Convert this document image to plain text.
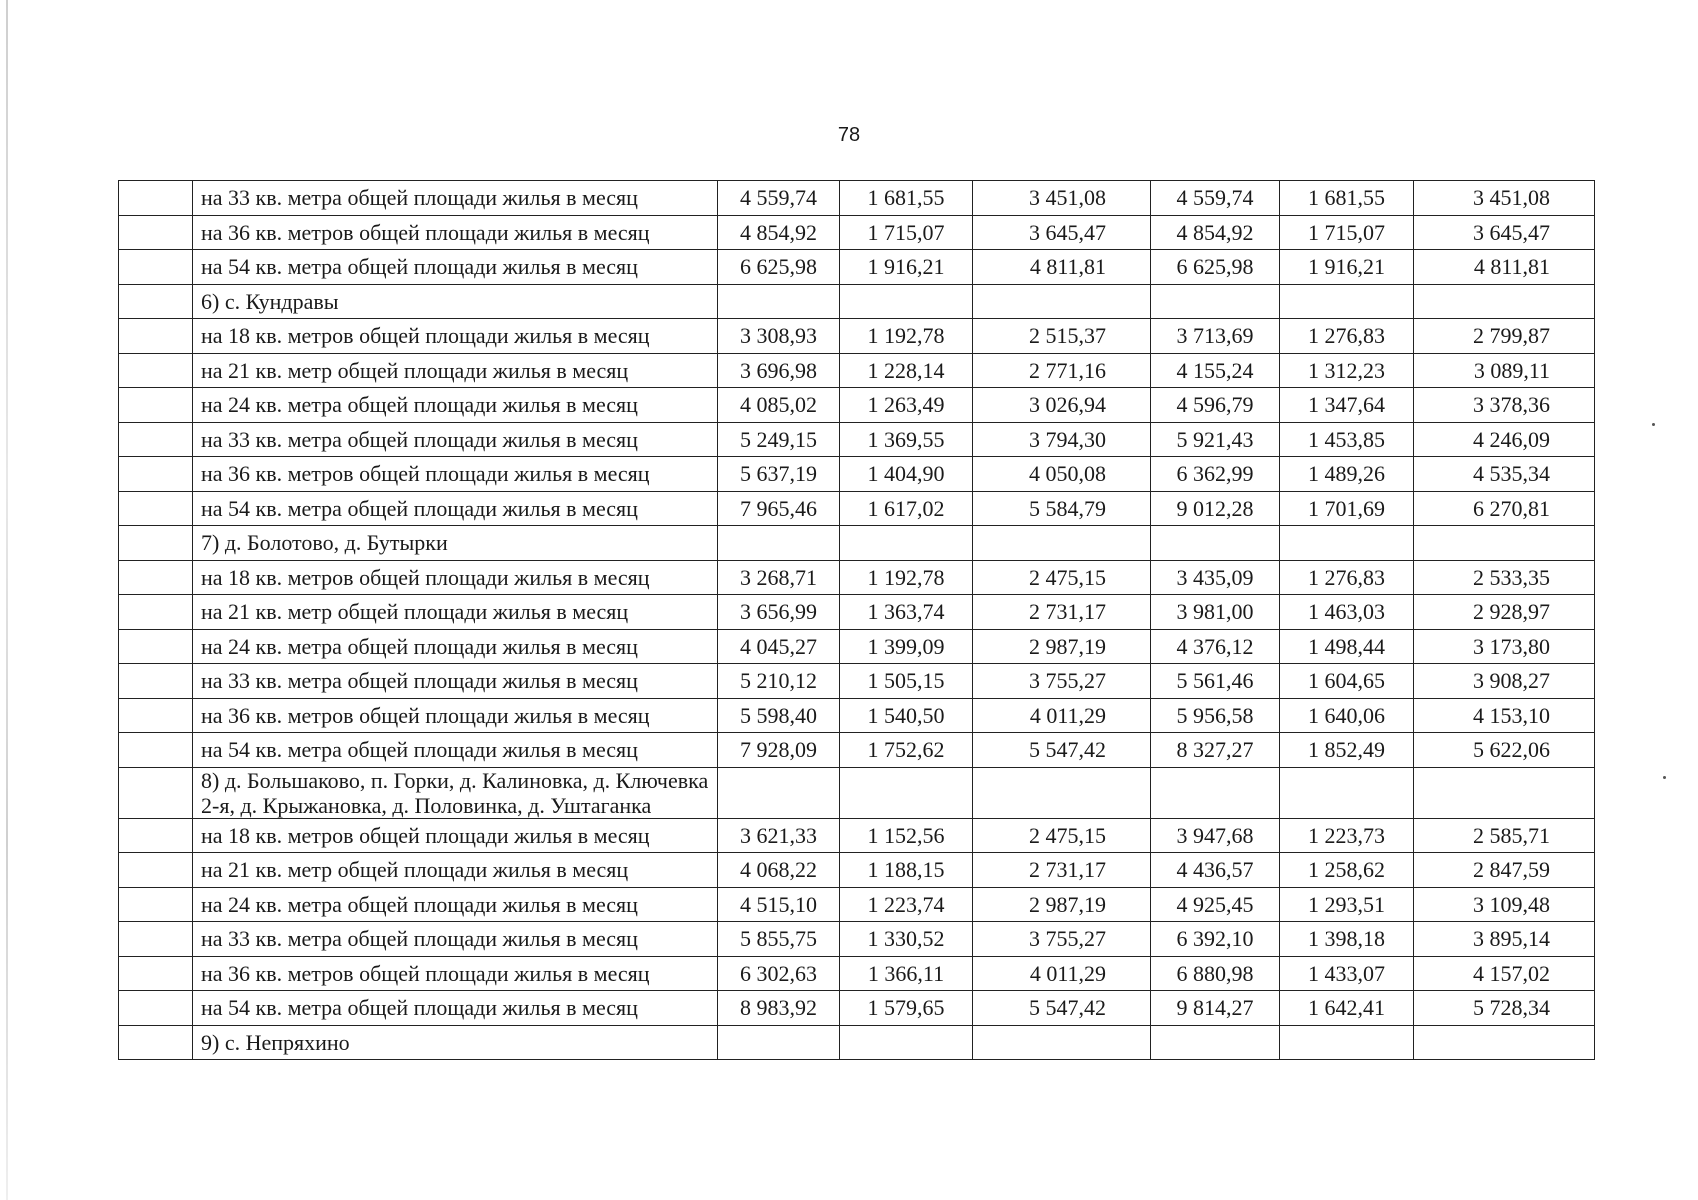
78
	на 33 кв. метра общей площади жилья в месяц	4 559,74	1 681,55	3 451,08	4 559,74	1 681,55	3 451,08
	на 36 кв. метров общей площади жилья в месяц	4 854,92	1 715,07	3 645,47	4 854,92	1 715,07	3 645,47
	на 54 кв. метра общей площади жилья в месяц	6 625,98	1 916,21	4 811,81	6 625,98	1 916,21	4 811,81
	6) с. Кундравы						
	на 18 кв. метров общей площади жилья в месяц	3 308,93	1 192,78	2 515,37	3 713,69	1 276,83	2 799,87
	на 21 кв. метр общей площади жилья в месяц	3 696,98	1 228,14	2 771,16	4 155,24	1 312,23	3 089,11
	на 24 кв. метра общей площади жилья в месяц	4 085,02	1 263,49	3 026,94	4 596,79	1 347,64	3 378,36
	на 33 кв. метра общей площади жилья в месяц	5 249,15	1 369,55	3 794,30	5 921,43	1 453,85	4 246,09
	на 36 кв. метров общей площади жилья в месяц	5 637,19	1 404,90	4 050,08	6 362,99	1 489,26	4 535,34
	на 54 кв. метра общей площади жилья в месяц	7 965,46	1 617,02	5 584,79	9 012,28	1 701,69	6 270,81
	7) д. Болотово, д. Бутырки						
	на 18 кв. метров общей площади жилья в месяц	3 268,71	1 192,78	2 475,15	3 435,09	1 276,83	2 533,35
	на 21 кв. метр общей площади жилья в месяц	3 656,99	1 363,74	2 731,17	3 981,00	1 463,03	2 928,97
	на 24 кв. метра общей площади жилья в месяц	4 045,27	1 399,09	2 987,19	4 376,12	1 498,44	3 173,80
	на 33 кв. метра общей площади жилья в месяц	5 210,12	1 505,15	3 755,27	5 561,46	1 604,65	3 908,27
	на 36 кв. метров общей площади жилья в месяц	5 598,40	1 540,50	4 011,29	5 956,58	1 640,06	4 153,10
	на 54 кв. метра общей площади жилья в месяц	7 928,09	1 752,62	5 547,42	8 327,27	1 852,49	5 622,06
	8) д. Большаково, п. Горки, д. Калиновка, д. Ключевка 2-я, д. Крыжановка, д. Половинка, д. Уштаганка						
	на 18 кв. метров общей площади жилья в месяц	3 621,33	1 152,56	2 475,15	3 947,68	1 223,73	2 585,71
	на 21 кв. метр общей площади жилья в месяц	4 068,22	1 188,15	2 731,17	4 436,57	1 258,62	2 847,59
	на 24 кв. метра общей площади жилья в месяц	4 515,10	1 223,74	2 987,19	4 925,45	1 293,51	3 109,48
	на 33 кв. метра общей площади жилья в месяц	5 855,75	1 330,52	3 755,27	6 392,10	1 398,18	3 895,14
	на 36 кв. метров общей площади жилья в месяц	6 302,63	1 366,11	4 011,29	6 880,98	1 433,07	4 157,02
	на 54 кв. метра общей площади жилья в месяц	8 983,92	1 579,65	5 547,42	9 814,27	1 642,41	5 728,34
	9) с. Непряхино						
